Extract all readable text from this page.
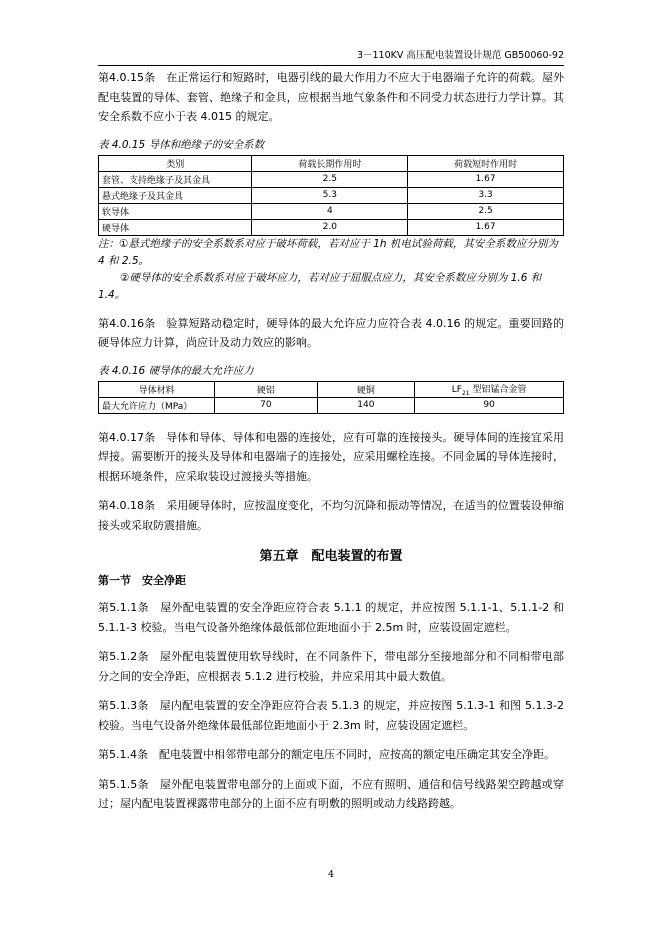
3－110KV 高压配电装置设计规范 GB50060-92

第4.0.15条　在正常运行和短路时，电器引线的最大作用力不应大于电器端子允许的荷载。屋外配电装置的导体、套管、绝缘子和金具，应根据当地气象条件和不同受力状态进行力学计算。其安全系数不应小于表 4.015 的规定。

表 4.0.15 导体和绝缘子的安全系数
类别	荷载长期作用时	荷载短时作用时
套管、支持绝缘子及其金具	2.5	1.67
悬式绝缘子及其金具	5.3	3.3
软导体	4	2.5
硬导体	2.0	1.67

注：①悬式绝缘子的安全系数系对应于破坏荷载，若对应于 1h 机电试验荷载，其安全系数应分别为 4 和 2.5。

②硬导体的安全系数系对应于破坏应力，若对应于屈服点应力，其安全系数应分别为 1.6 和 1.4。

第4.0.16条　验算短路动稳定时，硬导体的最大允许应力应符合表 4.0.16 的规定。重要回路的硬导体应力计算，尚应计及动力效应的影响。

表 4.0.16 硬导体的最大允许应力
导体材料	硬铝	硬铜	$LF_{21}$ 型铝锰合金管
最大允许应力（MPa）	70	140	90

第4.0.17条　导体和导体、导体和电器的连接处，应有可靠的连接接头。硬导体间的连接宜采用焊接。需要断开的接头及导体和电器端子的连接处，应采用螺栓连接。不同金属的导体连接时，根据环境条件，应采取装设过渡接头等措施。

第4.0.18条　采用硬导体时，应按温度变化，不均匀沉降和振动等情况，在适当的位置装设伸缩接头或采取防震措施。

第五章　配电装置的布置
第一节　安全净距

第5.1.1条　屋外配电装置的安全净距应符合表 5.1.1 的规定，并应按图 5.1.1-1、5.1.1-2 和 5.1.1-3 校验。当电气设备外绝缘体最低部位距地面小于 2.5m 时，应装设固定遮栏。

第5.1.2条　屋外配电装置使用软导线时，在不同条件下，带电部分至接地部分和不同相带电部分之间的安全净距，应根据表 5.1.2 进行校验，并应采用其中最大数值。

第5.1.3条　屋内配电装置的安全净距应符合表 5.1.3 的规定，并应按图 5.1.3-1 和图 5.1.3-2 校验。当电气设备外绝缘体最低部位距地面小于 2.3m 时，应装设固定遮栏。

第5.1.4条　配电装置中相邻带电部分的额定电压不同时，应按高的额定电压确定其安全净距。

第5.1.5条　屋外配电装置带电部分的上面或下面，不应有照明、通信和信号线路架空跨越或穿过；屋内配电装置裸露带电部分的上面不应有明敷的照明或动力线路跨越。

4
